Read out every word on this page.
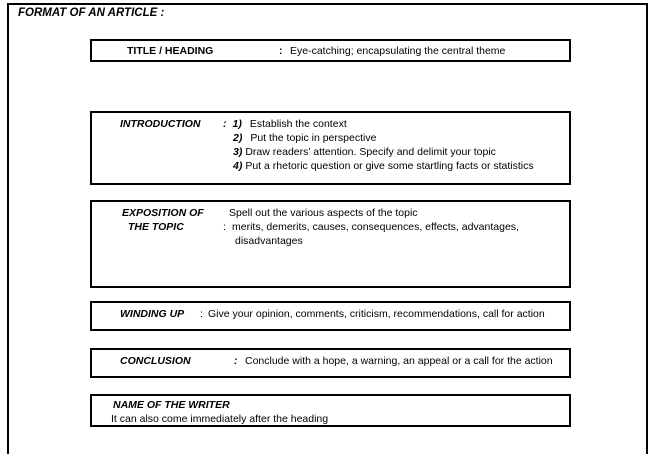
FORMAT OF AN ARTICLE :
TITLE / HEADING	: Eye-catching; encapsulating the central theme
INTRODUCTION : 1) Establish the context
2) Put the topic in perspective
3) Draw readers’ attention. Specify and delimit your topic
4) Put a rhetoric question or give some startling facts or statistics
EXPOSITION OF
THE TOPIC
Spell out the various aspects of the topic
: merits, demerits, causes, consequences, effects, advantages,
disadvantages
WINDING UP : Give your opinion, comments, criticism, recommendations, call for action
CONCLUSION	: Conclude with a hope, a warning, an appeal or a call for the action
NAME OF THE WRITER
It can also come immediately after the heading
